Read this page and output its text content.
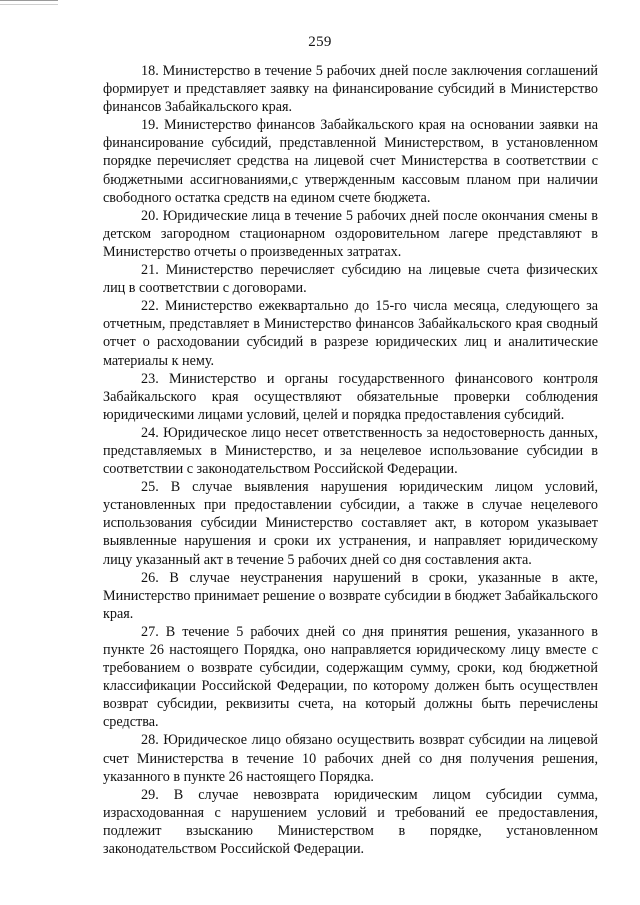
259

18. Министерство в течение 5 рабочих дней после заключения соглашений формирует и представляет заявку на финансирование субсидий в Министерство финансов Забайкальского края.

19. Министерство финансов Забайкальского края на основании заявки на финансирование субсидий, представленной Министерством, в установленном порядке перечисляет средства на лицевой счет Министерства в соответствии с бюджетными ассигнованиями,с утвержденным кассовым планом при наличии свободного остатка средств на едином счете бюджета.

20. Юридические лица в течение 5 рабочих дней после окончания смены в детском загородном стационарном оздоровительном лагере представляют в Министерство отчеты о произведенных затратах.

21. Министерство перечисляет субсидию на лицевые счета физических лиц в соответствии с договорами.

22. Министерство ежеквартально до 15-го числа месяца, следующего за отчетным, представляет в Министерство финансов Забайкальского края сводный отчет о расходовании субсидий в разрезе юридических лиц и аналитические материалы к нему.

23. Министерство и органы государственного финансового контроля Забайкальского края осуществляют обязательные проверки соблюдения юридическими лицами условий, целей и порядка предоставления субсидий.

24. Юридическое лицо несет ответственность за недостоверность данных, представляемых в Министерство, и за нецелевое использование субсидии в соответствии с законодательством Российской Федерации.

25. В случае выявления нарушения юридическим лицом условий, установленных при предоставлении субсидии, а также в случае нецелевого использования субсидии Министерство составляет акт, в котором указывает выявленные нарушения и сроки их устранения, и направляет юридическому лицу указанный акт в течение 5 рабочих дней со дня составления акта.

26. В случае неустранения нарушений в сроки, указанные в акте, Министерство принимает решение о возврате субсидии в бюджет Забайкальского края.

27. В течение 5 рабочих дней со дня принятия решения, указанного в пункте 26 настоящего Порядка, оно направляется юридическому лицу вместе с требованием о возврате субсидии, содержащим сумму, сроки, код бюджетной классификации Российской Федерации, по которому должен быть осуществлен возврат субсидии, реквизиты счета, на который должны быть перечислены средства.

28. Юридическое лицо обязано осуществить возврат субсидии на лицевой счет Министерства в течение 10 рабочих дней со дня получения решения, указанного в пункте 26 настоящего Порядка.

29. В случае невозврата юридическим лицом субсидии сумма, израсходованная с нарушением условий и требований ее предоставления, подлежит взысканию Министерством в порядке, установленном законодательством Российской Федерации.
